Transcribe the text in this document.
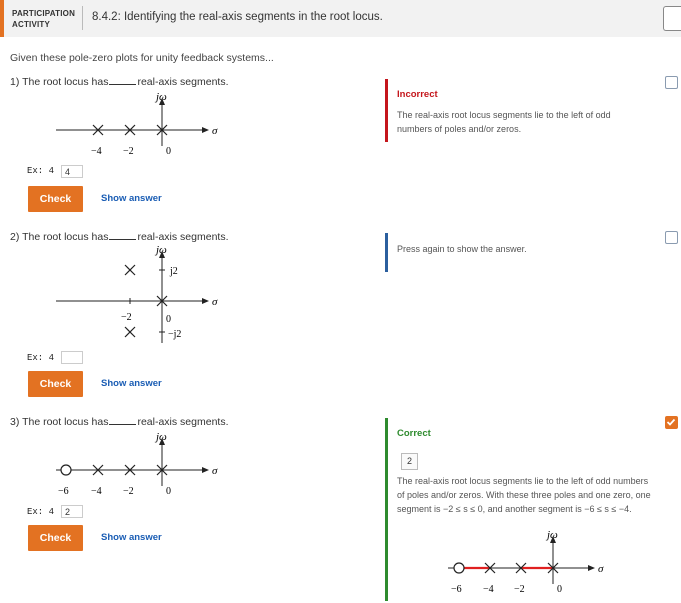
PARTICIPATION
ACTIVITY
8.4.2: Identifying the real-axis segments in the root locus.
Given these pole-zero plots for unity feedback systems...
1) The root locus has	real-axis segments.
jω
σ
−4 −2	0
Ex: 4	4
Check	Show answer
Incorrect
The real-axis root locus segments lie to the left of odd numbers of poles and/or zeros.
2) The root locus has	real-axis segments.
jω
σ
j2
−2	0
−j2
Ex: 4
Check	Show answer
Press again to show the answer.
3) The root locus has	real-axis segments.
jω
σ
−6 −4 −2	0
Ex: 4	2
Check	Show answer
Correct
2
The real-axis root locus segments lie to the left of odd numbers of poles and/or zeros. With these three poles and one zero, one segment is −2 ≤ s ≤ 0, and another segment is −6 ≤ s ≤ −4.
jω
σ
−6 −4 −2	0
